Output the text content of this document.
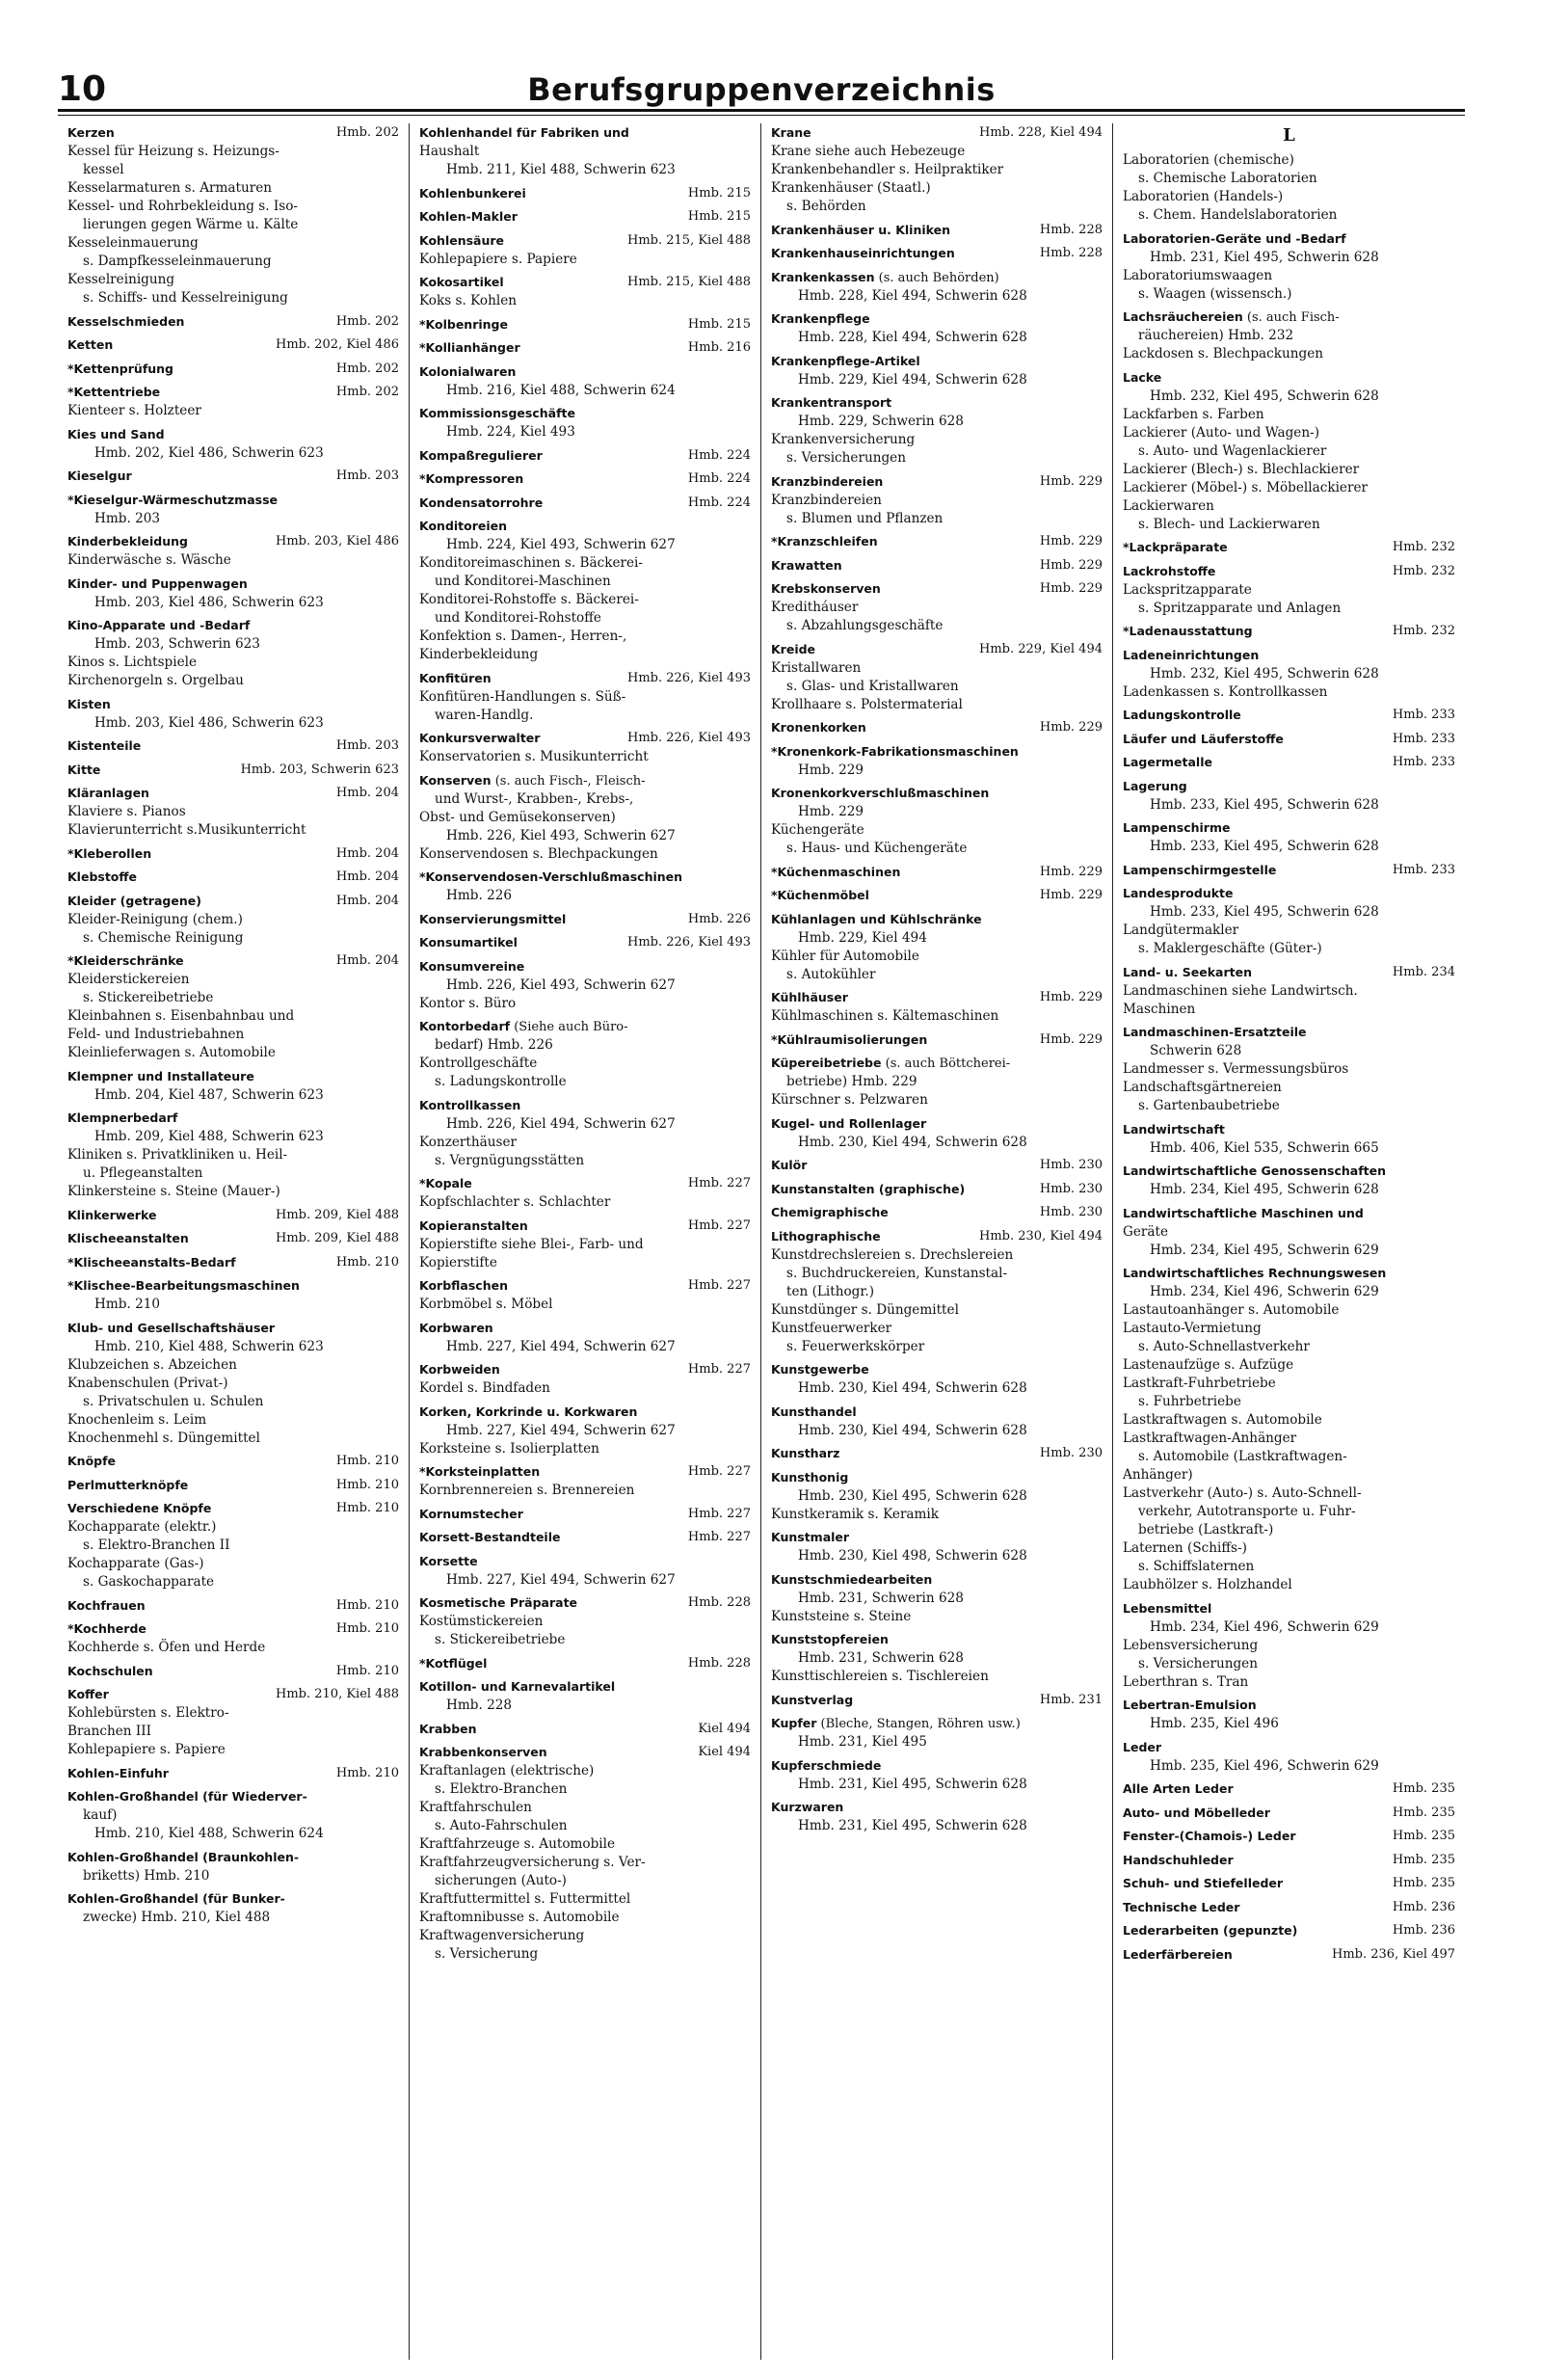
10	Berufsgruppenverzeichnis
Kerzen	Hmb. 202
Kessel für Heizung s. Heizungs-
kessel
Kesselarmaturen s. Armaturen
Kessel- und Rohrbekleidung s. Iso-
lierungen gegen Wärme u. Kälte
Kesseleinmauerung
s. Dampfkesseleinmauerung
Kesselreinigung
s. Schiffs- und Kesselreinigung
Kesselschmieden	Hmb. 202
Ketten	Hmb. 202, Kiel 486
*Kettenprüfung	Hmb. 202
*Kettentriebe	Hmb. 202
Kienteer s. Holzteer
Kies und Sand
Hmb. 202, Kiel 486, Schwerin 623
Kieselgur	Hmb. 203
*Kieselgur-Wärmeschutzmasse
Hmb. 203
Kinderbekleidung	Hmb. 203, Kiel 486
Kinderwäsche s. Wäsche
Kinder- und Puppenwagen
Hmb. 203, Kiel 486, Schwerin 623
Kino-Apparate und -Bedarf
Hmb. 203, Schwerin 623
Kinos s. Lichtspiele
Kirchenorgeln s. Orgelbau
Kisten
Hmb. 203, Kiel 486, Schwerin 623
Kistenteile	Hmb. 203
Kitte	Hmb. 203, Schwerin 623
Kläranlagen	Hmb. 204
Klaviere s. Pianos
Klavierunterricht s.Musikunterricht
*Kleberollen	Hmb. 204
Klebstoffe	Hmb. 204
Kleider (getragene)	Hmb. 204
Kleider-Reinigung (chem.)
s. Chemische Reinigung
*Kleiderschränke	Hmb. 204
Kleiderstickereien
s. Stickereibetriebe
Kleinbahnen s. Eisenbahnbau und
Feld- und Industriebahnen
Kleinlieferwagen s. Automobile
Klempner und Installateure
Hmb. 204, Kiel 487, Schwerin 623
Klempnerbedarf
Hmb. 209, Kiel 488, Schwerin 623
Kliniken s. Privatkliniken u. Heil-
u. Pflegeanstalten
Klinkersteine s. Steine (Mauer-)
Klinkerwerke	Hmb. 209, Kiel 488
Klischeeanstalten	Hmb. 209, Kiel 488
*Klischeeanstalts-Bedarf	Hmb. 210
*Klischee-Bearbeitungsmaschinen
Hmb. 210
Klub- und Gesellschaftshäuser
Hmb. 210, Kiel 488, Schwerin 623
Klubzeichen s. Abzeichen
Knabenschulen (Privat-)
s. Privatschulen u. Schulen
Knochenleim s. Leim
Knochenmehl s. Düngemittel
Knöpfe	Hmb. 210
Perlmutterknöpfe	Hmb. 210
Verschiedene Knöpfe	Hmb. 210
Kochapparate (elektr.)
s. Elektro-Branchen II
Kochapparate (Gas-)
s. Gaskochapparate
Kochfrauen	Hmb. 210
*Kochherde	Hmb. 210
Kochherde s. Öfen und Herde
Kochschulen	Hmb. 210
Koffer	Hmb. 210, Kiel 488
Kohlebürsten s. Elektro-
Branchen III
Kohlepapiere s. Papiere
Kohlen-Einfuhr	Hmb. 210
Kohlen-Großhandel (für Wiederver-
kauf)
Hmb. 210, Kiel 488, Schwerin 624
Kohlen-Großhandel (Braunkohlen-
briketts) Hmb. 210
Kohlen-Großhandel (für Bunker-
zwecke) Hmb. 210, Kiel 488
Kohlenhandel für Fabriken und
Haushalt
Hmb. 211, Kiel 488, Schwerin 623
Kohlenbunkerei	Hmb. 215
Kohlen-Makler	Hmb. 215
Kohlensäure	Hmb. 215, Kiel 488
Kohlepapiere s. Papiere
Kokosartikel	Hmb. 215, Kiel 488
Koks s. Kohlen
*Kolbenringe	Hmb. 215
*Kollianhänger	Hmb. 216
Kolonialwaren
Hmb. 216, Kiel 488, Schwerin 624
Kommissionsgeschäfte
Hmb. 224, Kiel 493
Kompaßregulierer	Hmb. 224
*Kompressoren	Hmb. 224
Kondensatorrohre	Hmb. 224
Konditoreien
Hmb. 224, Kiel 493, Schwerin 627
Konditoreimaschinen s. Bäckerei-
und Konditorei-Maschinen
Konditorei-Rohstoffe s. Bäckerei-
und Konditorei-Rohstoffe
Konfektion s. Damen-, Herren-,
Kinderbekleidung
Konfitüren	Hmb. 226, Kiel 493
Konfitüren-Handlungen s. Süß-
waren-Handlg.
Konkursverwalter	Hmb. 226, Kiel 493
Konservatorien s. Musikunterricht
Konserven (s. auch Fisch-, Fleisch-
und Wurst-, Krabben-, Krebs-,
Obst- und Gemüsekonserven)
Hmb. 226, Kiel 493, Schwerin 627
Konservendosen s. Blechpackungen
*Konservendosen-Verschlußmaschinen
Hmb. 226
Konservierungsmittel	Hmb. 226
Konsumartikel	Hmb. 226, Kiel 493
Konsumvereine
Hmb. 226, Kiel 493, Schwerin 627
Kontor s. Büro
Kontorbedarf (Siehe auch Büro-
bedarf) Hmb. 226
Kontrollgeschäfte
s. Ladungskontrolle
Kontrollkassen
Hmb. 226, Kiel 494, Schwerin 627
Konzerthäuser
s. Vergnügungsstätten
*Kopale	Hmb. 227
Kopfschlachter s. Schlachter
Kopieranstalten	Hmb. 227
Kopierstifte siehe Blei-, Farb- und
Kopierstifte
Korbflaschen	Hmb. 227
Korbmöbel s. Möbel
Korbwaren
Hmb. 227, Kiel 494, Schwerin 627
Korbweiden	Hmb. 227
Kordel s. Bindfaden
Korken, Korkrinde u. Korkwaren
Hmb. 227, Kiel 494, Schwerin 627
Korksteine s. Isolierplatten
*Korksteinplatten	Hmb. 227
Kornbrennereien s. Brennereien
Kornumstecher	Hmb. 227
Korsett-Bestandteile	Hmb. 227
Korsette
Hmb. 227, Kiel 494, Schwerin 627
Kosmetische Präparate	Hmb. 228
Kostümstickereien
s. Stickereibetriebe
*Kotflügel	Hmb. 228
Kotillon- und Karnevalartikel
Hmb. 228
Krabben	Kiel 494
Krabbenkonserven	Kiel 494
Kraftanlagen (elektrische)
s. Elektro-Branchen
Kraftfahrschulen
s. Auto-Fahrschulen
Kraftfahrzeuge s. Automobile
Kraftfahrzeugversicherung s. Ver-
sicherungen (Auto-)
Kraftfuttermittel s. Futtermittel
Kraftomnibusse s. Automobile
Kraftwagenversicherung
s. Versicherung
Krane	Hmb. 228, Kiel 494
Krane siehe auch Hebezeuge
Krankenbehandler s. Heilpraktiker
Krankenhäuser (Staatl.)
s. Behörden
Krankenhäuser u. Kliniken	Hmb. 228
Krankenhauseinrichtungen	Hmb. 228
Krankenkassen (s. auch Behörden)
Hmb. 228, Kiel 494, Schwerin 628
Krankenpflege
Hmb. 228, Kiel 494, Schwerin 628
Krankenpflege-Artikel
Hmb. 229, Kiel 494, Schwerin 628
Krankentransport
Hmb. 229, Schwerin 628
Krankenversicherung
s. Versicherungen
Kranzbindereien	Hmb. 229
Kranzbindereien
s. Blumen und Pflanzen
*Kranzschleifen	Hmb. 229
Krawatten	Hmb. 229
Krebskonserven	Hmb. 229
Kreditháuser
s. Abzahlungsgeschäfte
Kreide	Hmb. 229, Kiel 494
Kristallwaren
s. Glas- und Kristallwaren
Krollhaare s. Polstermaterial
Kronenkorken	Hmb. 229
*Kronenkork-Fabrikationsmaschinen
Hmb. 229
Kronenkorkverschlußmaschinen
Hmb. 229
Küchengeräte
s. Haus- und Küchengeräte
*Küchenmaschinen	Hmb. 229
*Küchenmöbel	Hmb. 229
Kühlanlagen und Kühlschränke
Hmb. 229, Kiel 494
Kühler für Automobile
s. Autokühler
Kühlhäuser	Hmb. 229
Kühlmaschinen s. Kältemaschinen
*Kühlraumisolierungen	Hmb. 229
Küpereibetriebe (s. auch Böttcherei-
betriebe) Hmb. 229
Kürschner s. Pelzwaren
Kugel- und Rollenlager
Hmb. 230, Kiel 494, Schwerin 628
Kulör	Hmb. 230
Kunstanstalten (graphische)	Hmb. 230
Chemigraphische	Hmb. 230
Lithographische	Hmb. 230, Kiel 494
Kunstdrechslereien s. Drechslereien
s. Buchdruckereien, Kunstanstal-
ten (Lithogr.)
Kunstdünger s. Düngemittel
Kunstfeuerwerker
s. Feuerwerkskörper
Kunstgewerbe
Hmb. 230, Kiel 494, Schwerin 628
Kunsthandel
Hmb. 230, Kiel 494, Schwerin 628
Kunstharz	Hmb. 230
Kunsthonig
Hmb. 230, Kiel 495, Schwerin 628
Kunstkeramik s. Keramik
Kunstmaler
Hmb. 230, Kiel 498, Schwerin 628
Kunstschmiedearbeiten
Hmb. 231, Schwerin 628
Kunststeine s. Steine
Kunststopfereien
Hmb. 231, Schwerin 628
Kunsttischlereien s. Tischlereien
Kunstverlag	Hmb. 231
Kupfer (Bleche, Stangen, Röhren usw.)
Hmb. 231, Kiel 495
Kupferschmiede
Hmb. 231, Kiel 495, Schwerin 628
Kurzwaren
Hmb. 231, Kiel 495, Schwerin 628
L
Laboratorien (chemische)
s. Chemische Laboratorien
Laboratorien (Handels-)
s. Chem. Handelslaboratorien
Laboratorien-Geräte und -Bedarf
Hmb. 231, Kiel 495, Schwerin 628
Laboratoriumswaagen
s. Waagen (wissensch.)
Lachsräuchereien (s. auch Fisch-
räuchereien) Hmb. 232
Lackdosen s. Blechpackungen
Lacke
Hmb. 232, Kiel 495, Schwerin 628
Lackfarben s. Farben
Lackierer (Auto- und Wagen-)
s. Auto- und Wagenlackierer
Lackierer (Blech-) s. Blechlackierer
Lackierer (Möbel-) s. Möbellackierer
Lackierwaren
s. Blech- und Lackierwaren
*Lackpräparate	Hmb. 232
Lackrohstoffe	Hmb. 232
Lackspritzapparate
s. Spritzapparate und Anlagen
*Ladenausstattung	Hmb. 232
Ladeneinrichtungen
Hmb. 232, Kiel 495, Schwerin 628
Ladenkassen s. Kontrollkassen
Ladungskontrolle	Hmb. 233
Läufer und Läuferstoffe	Hmb. 233
Lagermetalle	Hmb. 233
Lagerung
Hmb. 233, Kiel 495, Schwerin 628
Lampenschirme
Hmb. 233, Kiel 495, Schwerin 628
Lampenschirmgestelle	Hmb. 233
Landesprodukte
Hmb. 233, Kiel 495, Schwerin 628
Landgütermakler
s. Maklergeschäfte (Güter-)
Land- u. Seekarten	Hmb. 234
Landmaschinen siehe Landwirtsch.
Maschinen
Landmaschinen-Ersatzteile
Schwerin 628
Landmesser s. Vermessungsbüros
Landschaftsgärtnereien
s. Gartenbaubetriebe
Landwirtschaft
Hmb. 406, Kiel 535, Schwerin 665
Landwirtschaftliche Genossenschaften
Hmb. 234, Kiel 495, Schwerin 628
Landwirtschaftliche Maschinen und
Geräte
Hmb. 234, Kiel 495, Schwerin 629
Landwirtschaftliches Rechnungswesen
Hmb. 234, Kiel 496, Schwerin 629
Lastautoanhänger s. Automobile
Lastauto-Vermietung
s. Auto-Schnellastverkehr
Lastenaufzüge s. Aufzüge
Lastkraft-Fuhrbetriebe
s. Fuhrbetriebe
Lastkraftwagen s. Automobile
Lastkraftwagen-Anhänger
s. Automobile (Lastkraftwagen-
Anhänger)
Lastverkehr (Auto-) s. Auto-Schnell-
verkehr, Autotransporte u. Fuhr-
betriebe (Lastkraft-)
Laternen (Schiffs-)
s. Schiffslaternen
Laubhölzer s. Holzhandel
Lebensmittel
Hmb. 234, Kiel 496, Schwerin 629
Lebensversicherung
s. Versicherungen
Leberthran s. Tran
Lebertran-Emulsion
Hmb. 235, Kiel 496
Leder
Hmb. 235, Kiel 496, Schwerin 629
Alle Arten Leder	Hmb. 235
Auto- und Möbelleder	Hmb. 235
Fenster-(Chamois-) Leder	Hmb. 235
Handschuhleder	Hmb. 235
Schuh- und Stiefelleder	Hmb. 235
Technische Leder	Hmb. 236
Lederarbeiten (gepunzte)	Hmb. 236
Lederfärbereien	Hmb. 236, Kiel 497
